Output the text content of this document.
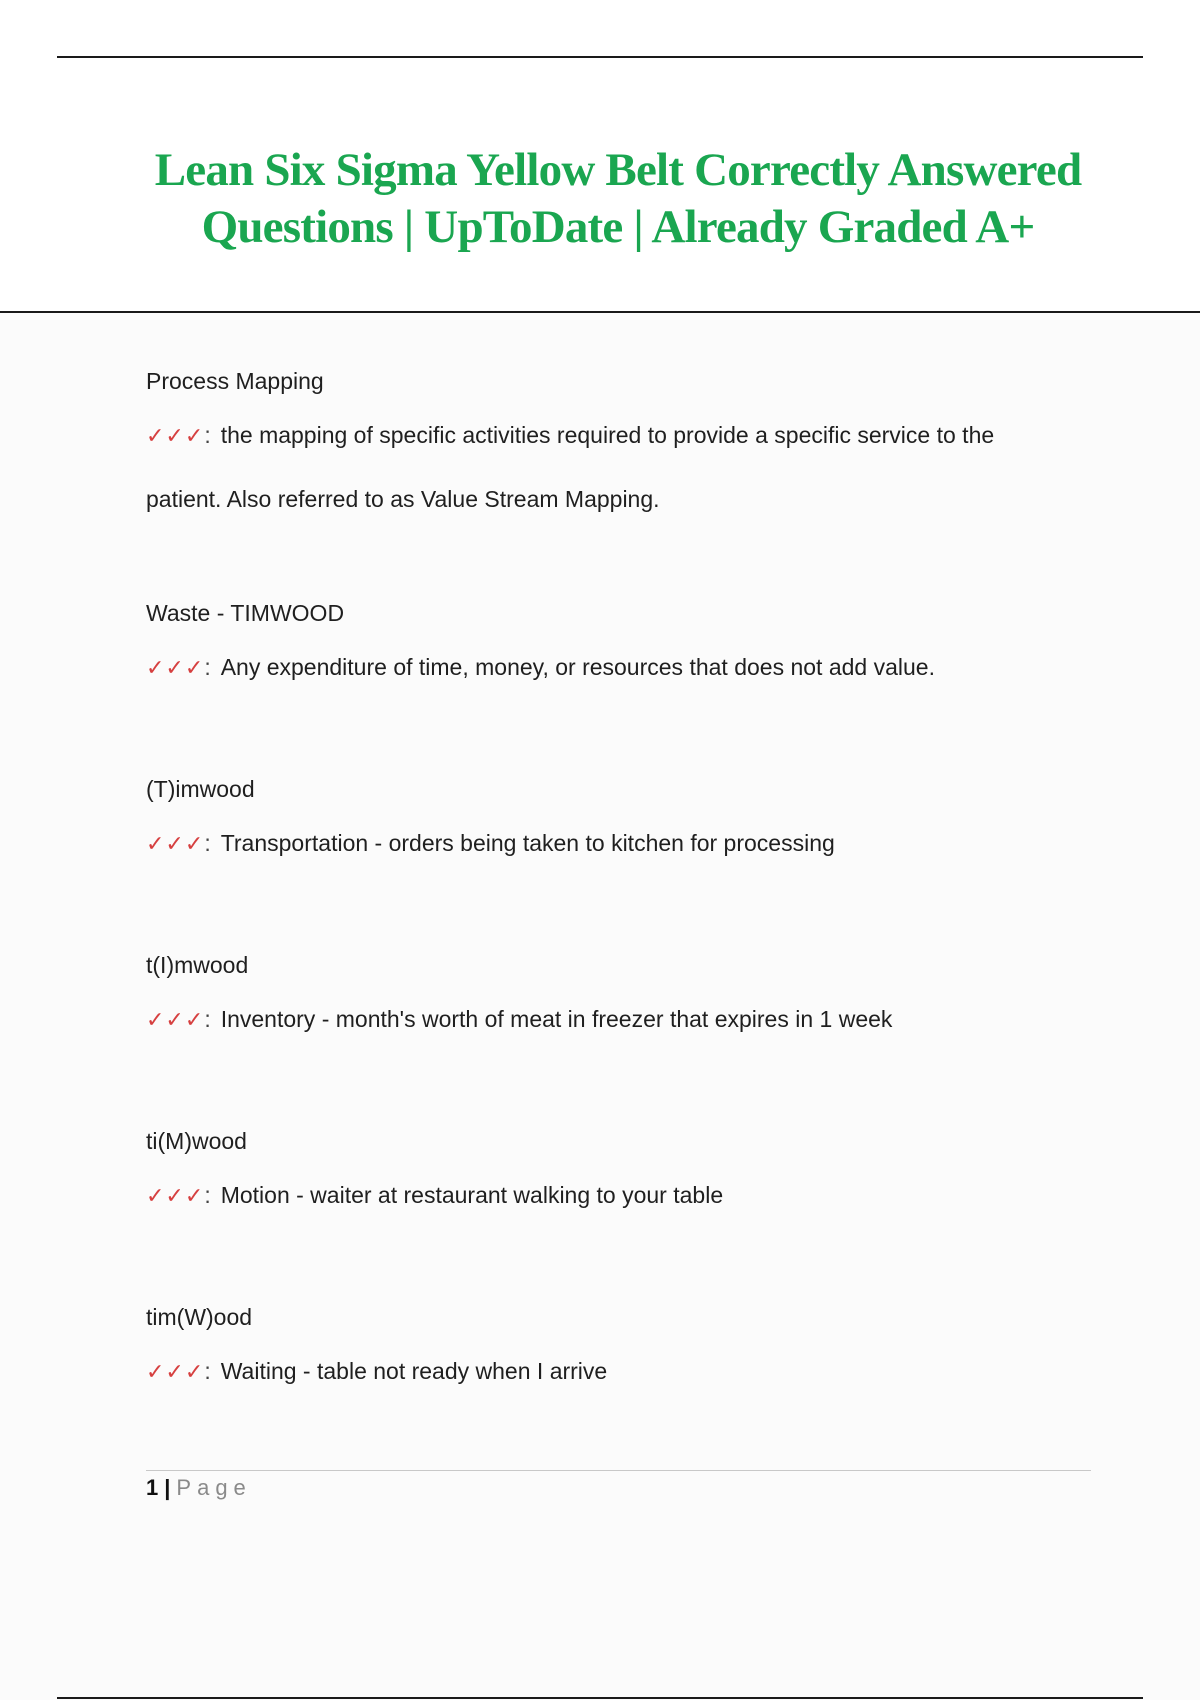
Lean Six Sigma Yellow Belt Correctly Answered
Questions | UpToDate | Already Graded A+
Process Mapping
✓✓✓: the mapping of specific activities required to provide a specific service to the
patient. Also referred to as Value Stream Mapping.
Waste - TIMWOOD
✓✓✓: Any expenditure of time, money, or resources that does not add value.
(T)imwood
✓✓✓: Transportation - orders being taken to kitchen for processing
t(I)mwood
✓✓✓: Inventory - month's worth of meat in freezer that expires in 1 week
ti(M)wood
✓✓✓: Motion - waiter at restaurant walking to your table
tim(W)ood
✓✓✓: Waiting - table not ready when I arrive
1 | Page
